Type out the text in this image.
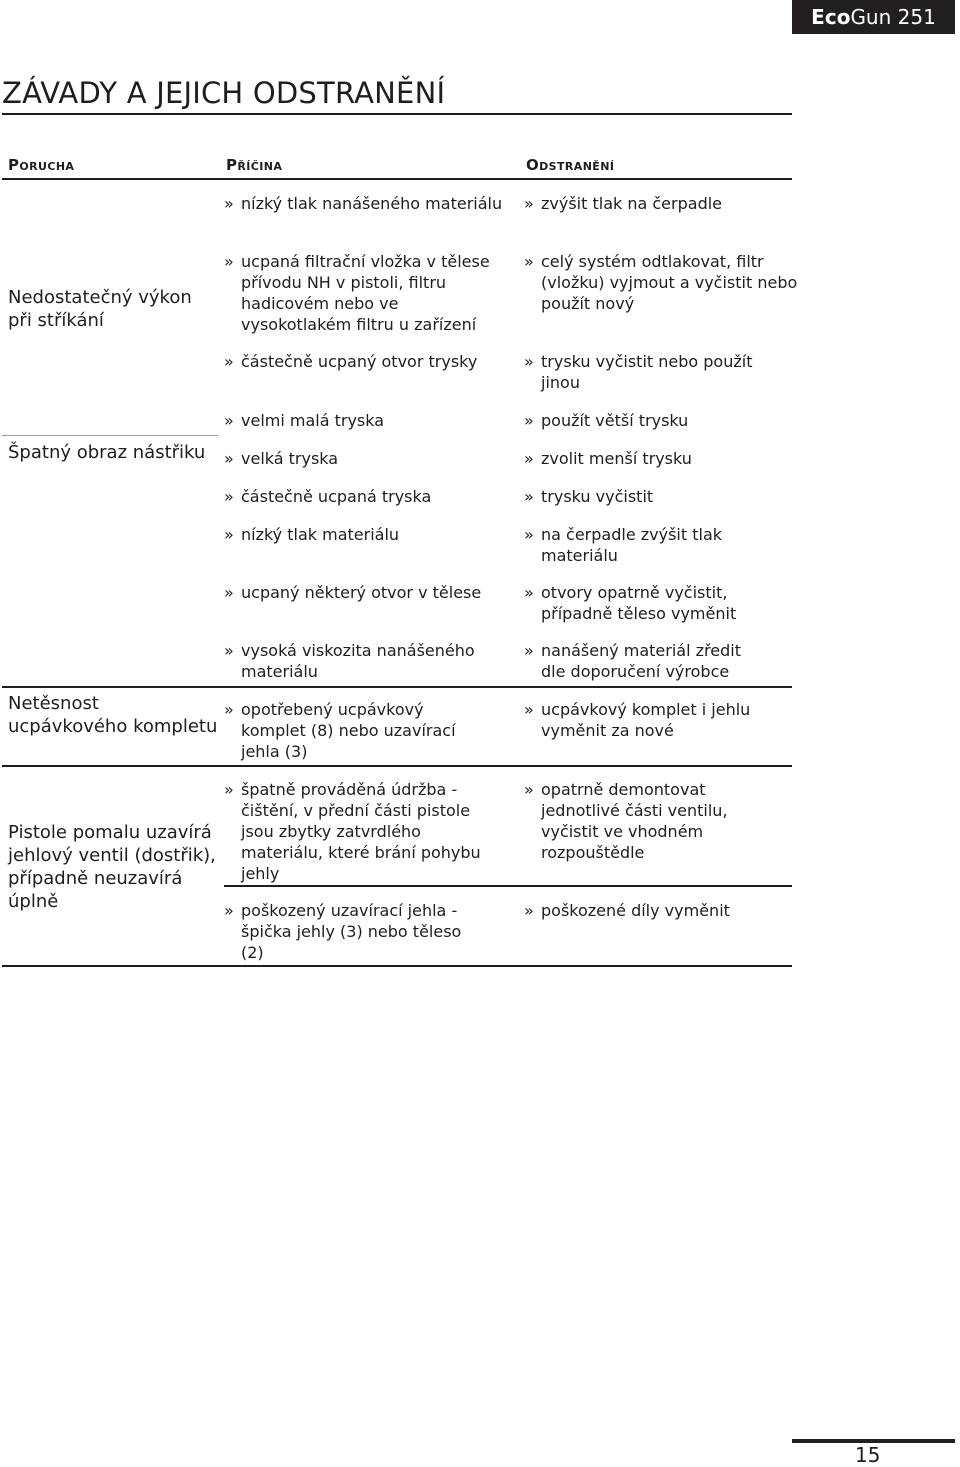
Eco Gun 251
ZÁVADY A JEJICH ODSTRANĚNÍ
Porucha	Příčina	Odstranění
Nedostatečný výkon při stříkání
Špatný obraz nástřiku
Netěsnost ucpávkového kompletu
Pistole pomalu uzavírá jehlový ventil (dostřik), případně neuzavírá úplně
» nízký tlak nanášeného materiálu
» ucpaná filtrační vložka v tělese přívodu NH v pistoli, filtru hadicovém nebo ve vysokotlakém filtru u zařízení
» částečně ucpaný otvor trysky
» velmi malá tryska
» velká tryska
» částečně ucpaná tryska
» nízký tlak materiálu
» ucpaný některý otvor v tělese
» vysoká viskozita nanášeného materiálu
» opotřebený ucpávkový komplet (8) nebo uzavírací jehla (3)
» špatně prováděná údržba - čištění, v přední části pistole jsou zbytky zatvrdlého materiálu, které brání pohybu jehly
» poškozený uzavírací jehla - špička jehly (3) nebo těleso (2)
» zvýšit tlak na čerpadle
» celý systém odtlakovat, filtr (vložku) vyjmout a vyčistit nebo použít nový
» trysku vyčistit nebo použít jinou
» použít větší trysku
» zvolit menší trysku
» trysku vyčistit
» na čerpadle zvýšit tlak materiálu
» otvory opatrně vyčistit, případně těleso vyměnit
» nanášený materiál zředit dle doporučení výrobce
» ucpávkový komplet i jehlu vyměnit za nové
» opatrně demontovat jednotlivé části ventilu, vyčistit ve vhodném rozpouštědle
» poškozené díly vyměnit
15
